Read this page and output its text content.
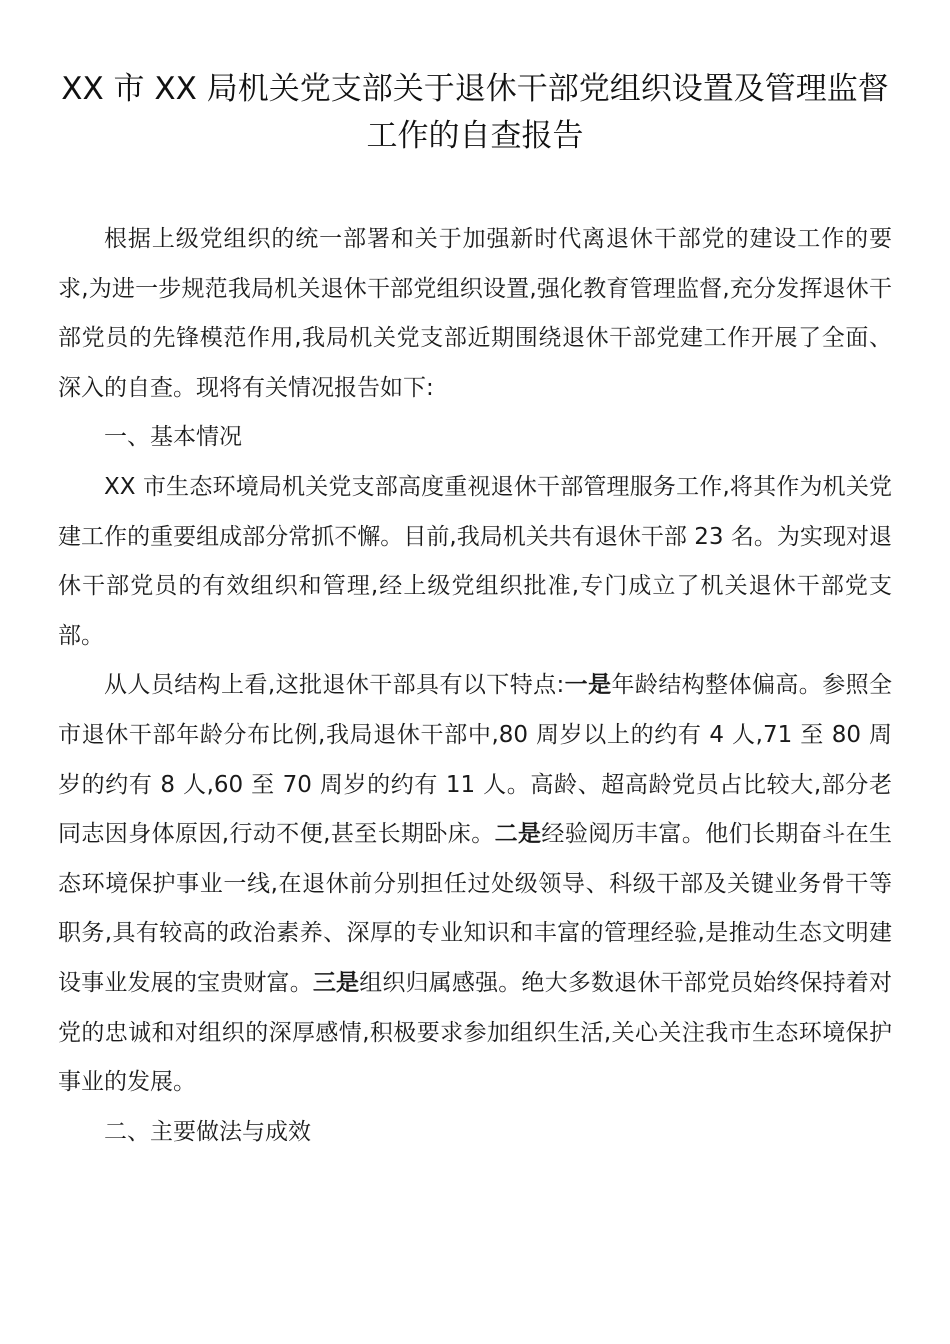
XX 市 XX 局机关党支部关于退休干部党组织设置及管理监督工作的自查报告

根据上级党组织的统一部署和关于加强新时代离退休干部党的建设工作的要求,为进一步规范我局机关退休干部党组织设置,强化教育管理监督,充分发挥退休干部党员的先锋模范作用,我局机关党支部近期围绕退休干部党建工作开展了全面、深入的自查。现将有关情况报告如下:

一、基本情况

XX 市生态环境局机关党支部高度重视退休干部管理服务工作,将其作为机关党建工作的重要组成部分常抓不懈。目前,我局机关共有退休干部 23 名。为实现对退休干部党员的有效组织和管理,经上级党组织批准,专门成立了机关退休干部党支部。

从人员结构上看,这批退休干部具有以下特点:一是年龄结构整体偏高。参照全市退休干部年龄分布比例,我局退休干部中,80 周岁以上的约有 4 人,71 至 80 周岁的约有 8 人,60 至 70 周岁的约有 11 人。高龄、超高龄党员占比较大,部分老同志因身体原因,行动不便,甚至长期卧床。二是经验阅历丰富。他们长期奋斗在生态环境保护事业一线,在退休前分别担任过处级领导、科级干部及关键业务骨干等职务,具有较高的政治素养、深厚的专业知识和丰富的管理经验,是推动生态文明建设事业发展的宝贵财富。三是组织归属感强。绝大多数退休干部党员始终保持着对党的忠诚和对组织的深厚感情,积极要求参加组织生活,关心关注我市生态环境保护事业的发展。

二、主要做法与成效
